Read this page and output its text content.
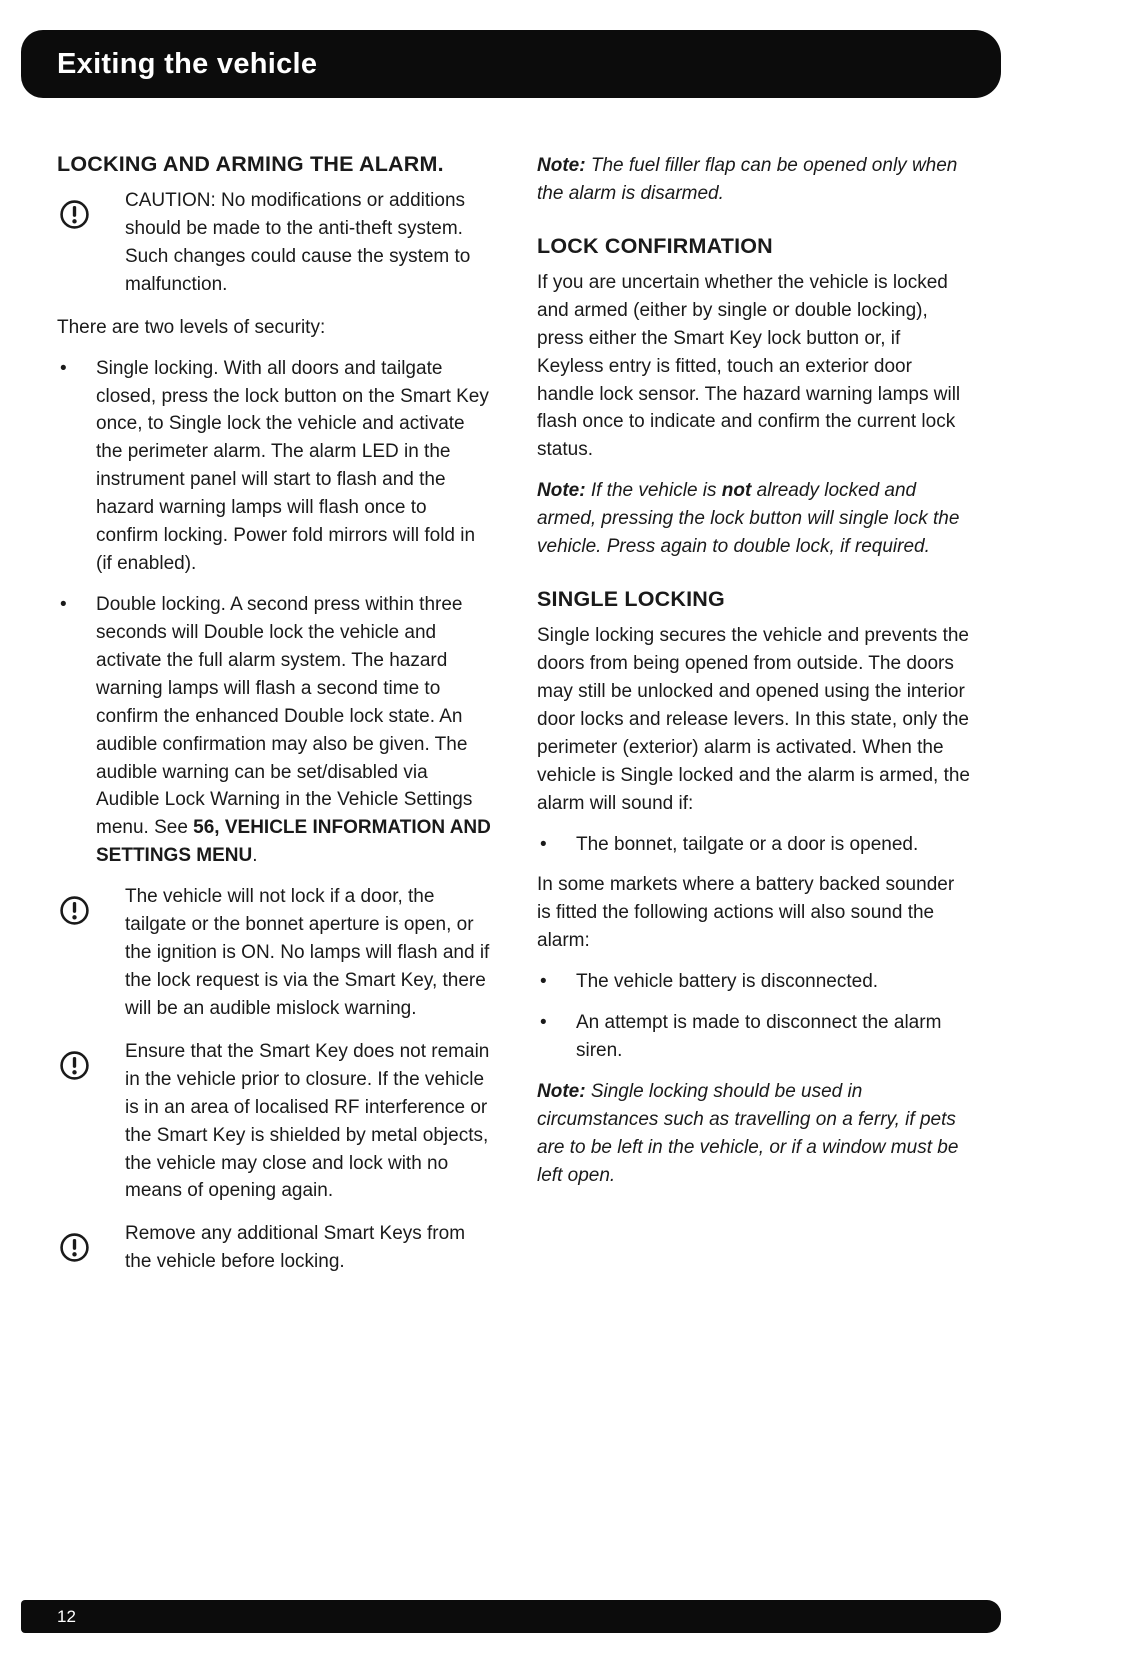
Exiting the vehicle
LOCKING AND ARMING THE ALARM.
CAUTION: No modifications or additions should be made to the anti-theft system. Such changes could cause the system to malfunction.

There are two levels of security:

•	Single locking. With all doors and tailgate closed, press the lock button on the Smart Key once, to Single lock the vehicle and activate the perimeter alarm. The alarm LED in the instrument panel will start to flash and the hazard warning lamps will flash once to confirm locking. Power fold mirrors will fold in (if enabled).
•	Double locking. A second press within three seconds will Double lock the vehicle and activate the full alarm system. The hazard warning lamps will flash a second time to confirm the enhanced Double lock state. An audible confirmation may also be given. The audible warning can be set/disabled via Audible Lock Warning in the Vehicle Settings menu. See 56, VEHICLE INFORMATION AND SETTINGS MENU.
The vehicle will not lock if a door, the tailgate or the bonnet aperture is open, or the ignition is ON. No lamps will flash and if the lock request is via the Smart Key, there will be an audible mislock warning.
Ensure that the Smart Key does not remain in the vehicle prior to closure. If the vehicle is in an area of localised RF interference or the Smart Key is shielded by metal objects, the vehicle may close and lock with no means of opening again.
Remove any additional Smart Keys from the vehicle before locking.

Note: The fuel filler flap can be opened only when the alarm is disarmed.

LOCK CONFIRMATION

If you are uncertain whether the vehicle is locked and armed (either by single or double locking), press either the Smart Key lock button or, if Keyless entry is fitted, touch an exterior door handle lock sensor. The hazard warning lamps will flash once to indicate and confirm the current lock status.

Note: If the vehicle is not already locked and armed, pressing the lock button will single lock the vehicle. Press again to double lock, if required.

SINGLE LOCKING

Single locking secures the vehicle and prevents the doors from being opened from outside. The doors may still be unlocked and opened using the interior door locks and release levers. In this state, only the perimeter (exterior) alarm is activated. When the vehicle is Single locked and the alarm is armed, the alarm will sound if:

•	The bonnet, tailgate or a door is opened.

In some markets where a battery backed sounder is fitted the following actions will also sound the alarm:

•	The vehicle battery is disconnected.
•	An attempt is made to disconnect the alarm siren.

Note: Single locking should be used in circumstances such as travelling on a ferry, if pets are to be left in the vehicle, or if a window must be left open.

12
